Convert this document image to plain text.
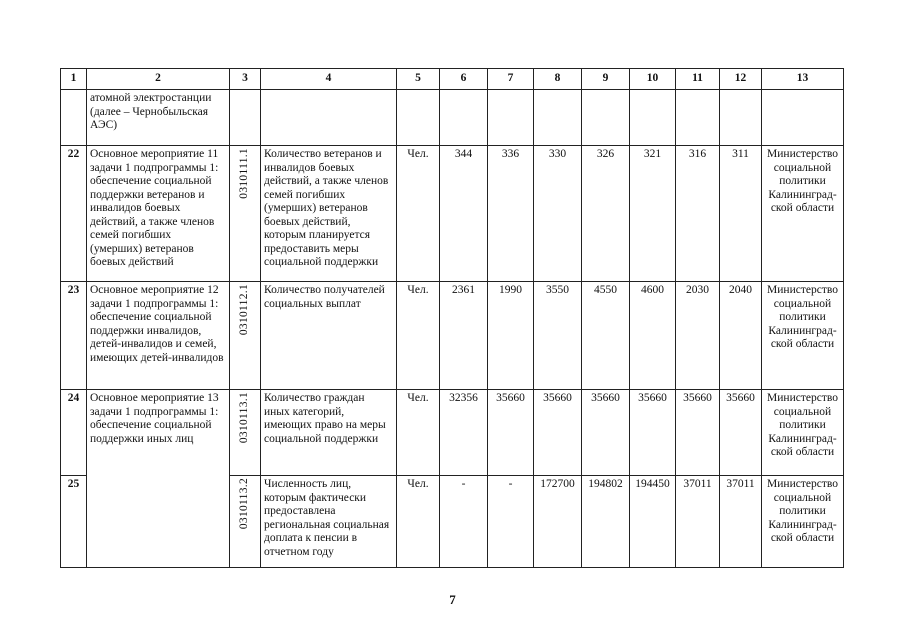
1	2	3	4	5	6	7	8	9	10	11	12	13
	атомной электростанции (далее – Чернобыльская АЭС)											
22	Основное мероприятие 11 задачи 1 подпрограммы 1: обеспечение социальной поддержки ветеранов и инвалидов боевых действий, а также членов семей погибших (умерших) ветеранов боевых действий	0310111.1	Количество ветеранов и инвалидов боевых действий, а также членов семей погибших (умерших) ветеранов боевых действий, которым планируется предоставить меры социальной поддержки	Чел.	344	336	330	326	321	316	311	Министерство социальной политики Калининград-ской области
23	Основное мероприятие 12 задачи 1 подпрограммы 1: обеспечение социальной поддержки инвалидов, детей-инвалидов и семей, имеющих детей-инвалидов	0310112.1	Количество получателей социальных выплат	Чел.	2361	1990	3550	4550	4600	2030	2040	Министерство социальной политики Калининград-ской области
24	Основное мероприятие 13 задачи 1 подпрограммы 1: обеспечение социальной поддержки иных лиц	0310113.1	Количество граждан иных категорий, имеющих право на меры социальной поддержки	Чел.	32356	35660	35660	35660	35660	35660	35660	Министерство социальной политики Калининград-ской области
25		0310113.2	Численность лиц, которым фактически предоставлена региональная социальная доплата к пенсии в отчетном году	Чел.	-	-	172700	194802	194450	37011	37011	Министерство социальной политики Калининград-ской области
7
